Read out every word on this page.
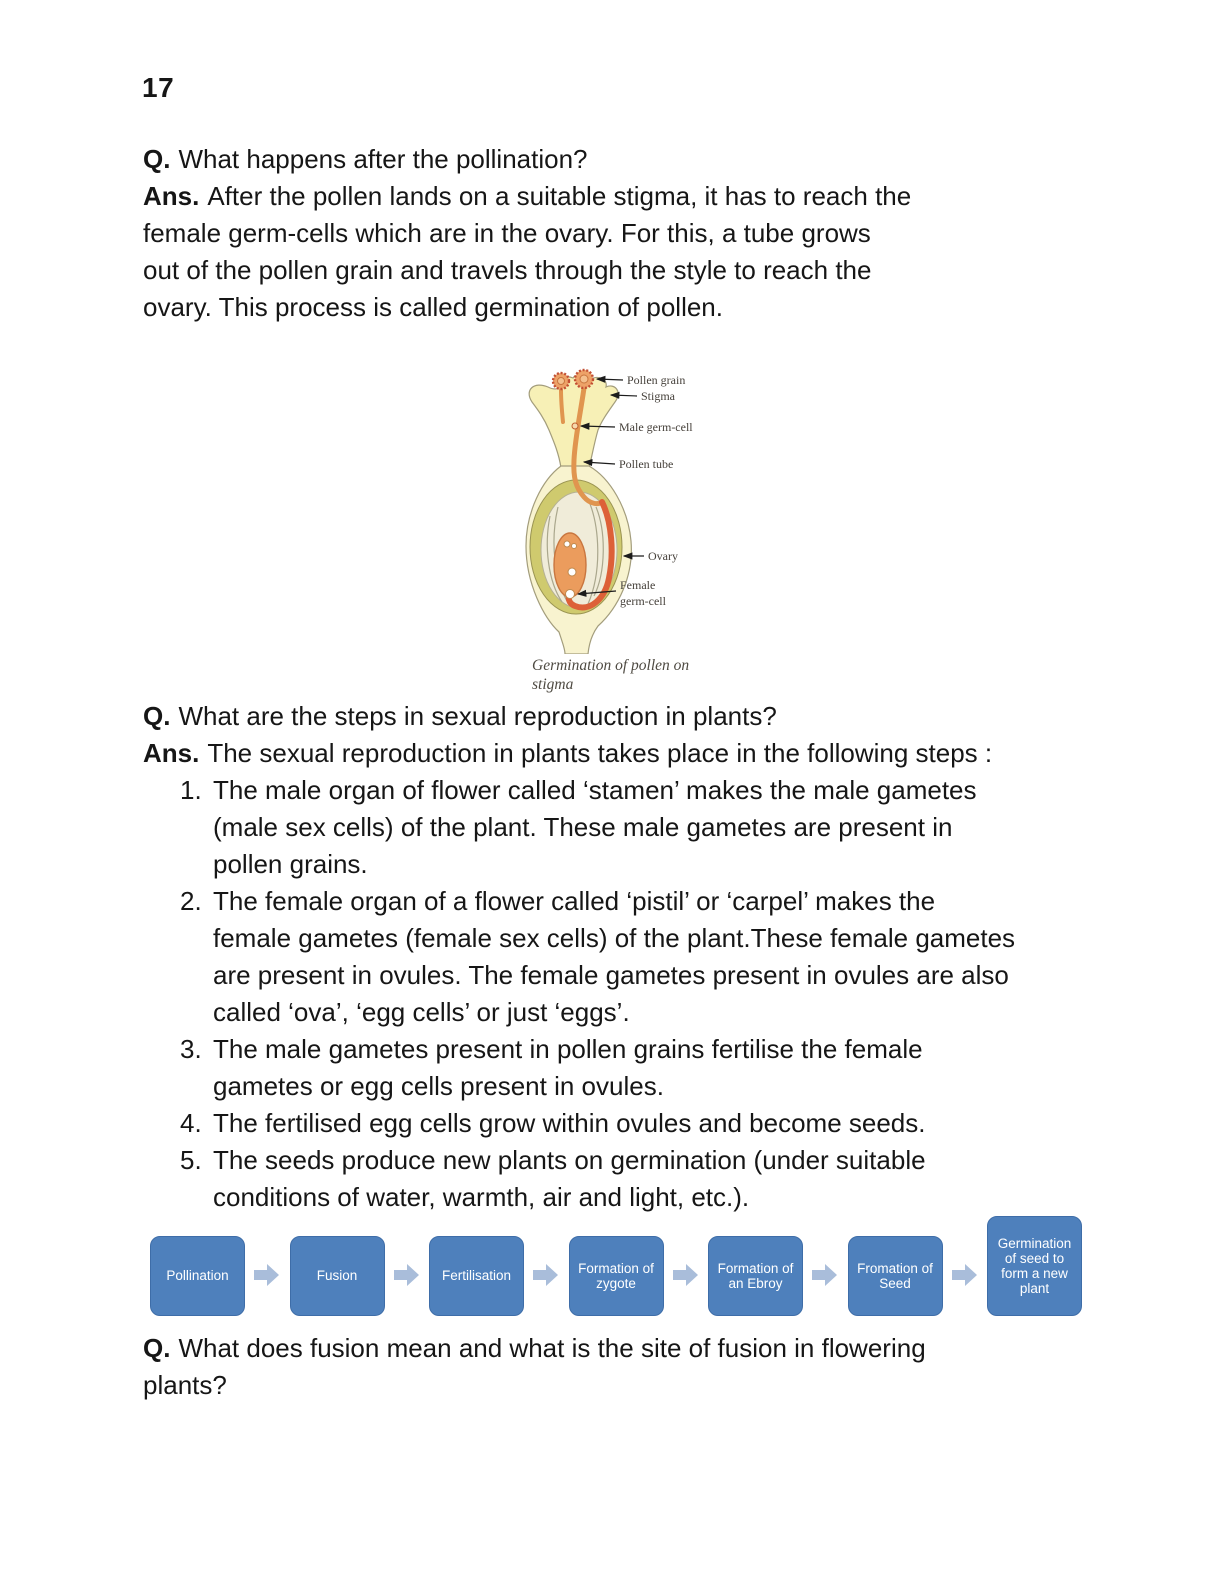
17
Q. What happens after the pollination?
Ans. After the pollen lands on a suitable stigma, it has to reach the
female germ-cells which are in the ovary. For this, a tube grows
out of the pollen grain and travels through the style to reach the
ovary. This process is called germination of pollen.
Pollen grain
Stigma
Male germ-cell
Pollen tube
Ovary
Female
germ-cell
Germination of pollen on
stigma
Q. What are the steps in sexual reproduction in plants?
Ans. The sexual reproduction in plants takes place in the following steps :
1. The male organ of flower called ‘stamen’ makes the male gametes
(male sex cells) of the plant. These male gametes are present in
pollen grains.
2. The female organ of a flower called ‘pistil’ or ‘carpel’ makes the
female gametes (female sex cells) of the plant.These female gametes
are present in ovules. The female gametes present in ovules are also
called ‘ova’, ‘egg cells’ or just ‘eggs’.
3. The male gametes present in pollen grains fertilise the female
gametes or egg cells present in ovules.
4. The fertilised egg cells grow within ovules and become seeds.
5. The seeds produce new plants on germination (under suitable
conditions of water, warmth, air and light, etc.).
Pollination	Fusion	Fertilisation
Formation of zygote
Formation of an Ebroy
Fromation of Seed
Germination of seed to form a new plant
Q. What does fusion mean and what is the site of fusion in flowering
plants?
